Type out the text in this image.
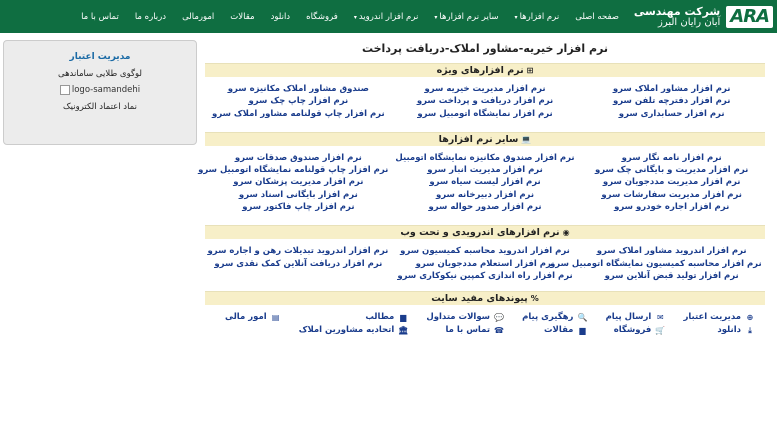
ARA
شرکت مهندسی
آبان رایان البرز
صفحه اصلی
نرم افزارها▾
سایر نرم افزارها▾
نرم افزار اندروید▾
فروشگاه
دانلود
مقالات
امورمالی
درباره ما
تماس با ما
مدیریت اعتبار
لوگوی طلایی ساماندهی
logo-samandehi
نماد اعتماد الکترونیک
نرم افزار خیریه-مشاور املاک-دریافت پرداخت
⊞نرم افزارهای ویژه
نرم افزار مشاور املاک سرو
نرم افزار دفترچه تلفن سرو
نرم افزار حسابداری سرو
نرم افزار مدیریت خیریه سرو
نرم افزار دریافت و پرداخت سرو
نرم افزار نمایشگاه اتومبیل سرو
صندوق مشاور املاک مکانیزه سرو
نرم افزار چاپ چک سرو
نرم افزار چاپ قولنامه مشاور املاک سرو
💻سایر نرم افزارها
نرم افزار نامه نگار سرو
نرم افزار مدیریت و بایگانی چک سرو
نرم افزار مدیریت مددجویان سرو
نرم افزار مدیریت سفارشات سرو
نرم افزار اجاره خودرو سرو
نرم افزار صندوق مکانیزه نمایشگاه اتومبیل
نرم افزار مدیریت انبار سرو
نرم افزار لیست سیاه سرو
نرم افزار دبیرخانه سرو
نرم افزار صدور حواله سرو
نرم افزار صندوق صدقات سرو
نرم افزار چاپ قولنامه نمایشگاه اتومبیل سرو
نرم افزار مدیریت پزشکان سرو
نرم افزار بایگانی اسناد سرو
نرم افزار چاپ فاکتور سرو
◉نرم افزارهای اندرویدی و تحت وب
نرم افزار اندروید مشاور املاک سرو
نرم افزار محاسبه کمیسیون نمایشگاه اتومبیل سرو
نرم افزار تولید قبض آنلاین سرو
نرم افزار اندروید محاسبه کمیسیون سرو
نرم افزار استعلام مددجویان سرو
نرم افزار راه اندازی کمپین نیکوکاری سرو
نرم افزار اندروید تبدیلات رهن و اجاره سرو
نرم افزار دریافت آنلاین کمک نقدی سرو
%پیوندهای مفید سایت
⊕
مدیریت اعتبار
⤓
دانلود
✉
ارسال پیام
🛒
فروشگاه
🔍
رهگیری پیام
▆
مقالات
💬
سوالات متداول
☎
تماس با ما
▆
مطالب
🏛
اتحادیه مشاورین املاک
▤
امور مالی
